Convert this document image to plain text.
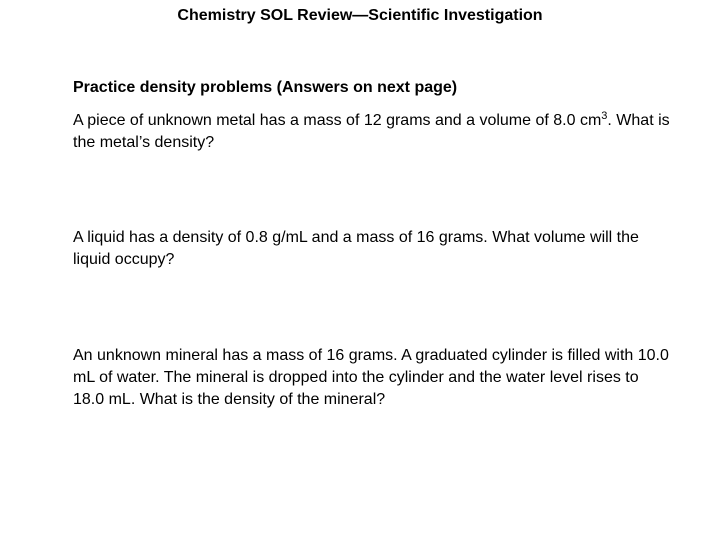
Chemistry SOL Review—Scientific Investigation
Practice density problems (Answers on next page)
A piece of unknown metal has a mass of 12 grams and a volume of 8.0 $cm^3$. What is the metal’s density?
A liquid has a density of 0.8 g/mL and a mass of 16 grams. What volume will the liquid occupy?
An unknown mineral has a mass of 16 grams. A graduated cylinder is filled with 10.0 mL of water. The mineral is dropped into the cylinder and the water level rises to 18.0 mL. What is the density of the mineral?
